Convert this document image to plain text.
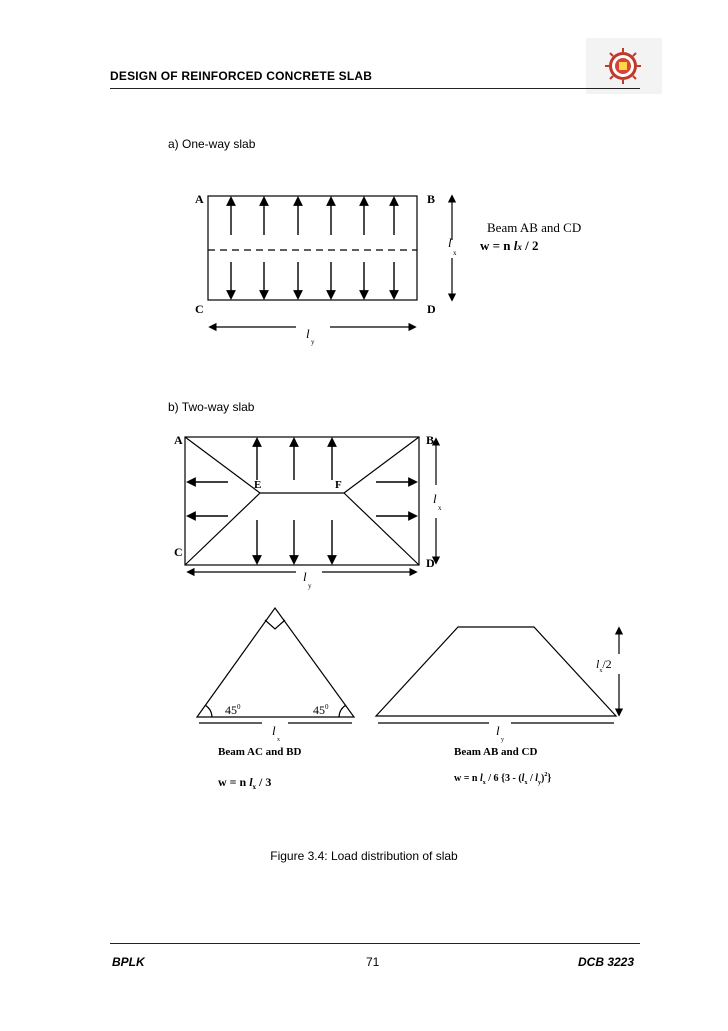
DESIGN OF REINFORCED CONCRETE SLAB
a) One-way slab
b) Two-way slab
A	B
C	D
l
x
l
y
Beam AB and CD
w = n lx / 2
A	B
C
D
E	F
l
x
l
y
$45^0$	$45^0$
l
x
Beam AC and BD
w = n $l_x / 3$
$l_x/2$
l
y
Beam AB and CD
w = n $l_x / 6$ $\{3 - (l_x / l_y)^2\}$
Figure 3.4: Load distribution of slab
BPLK	71	DCB 3223
